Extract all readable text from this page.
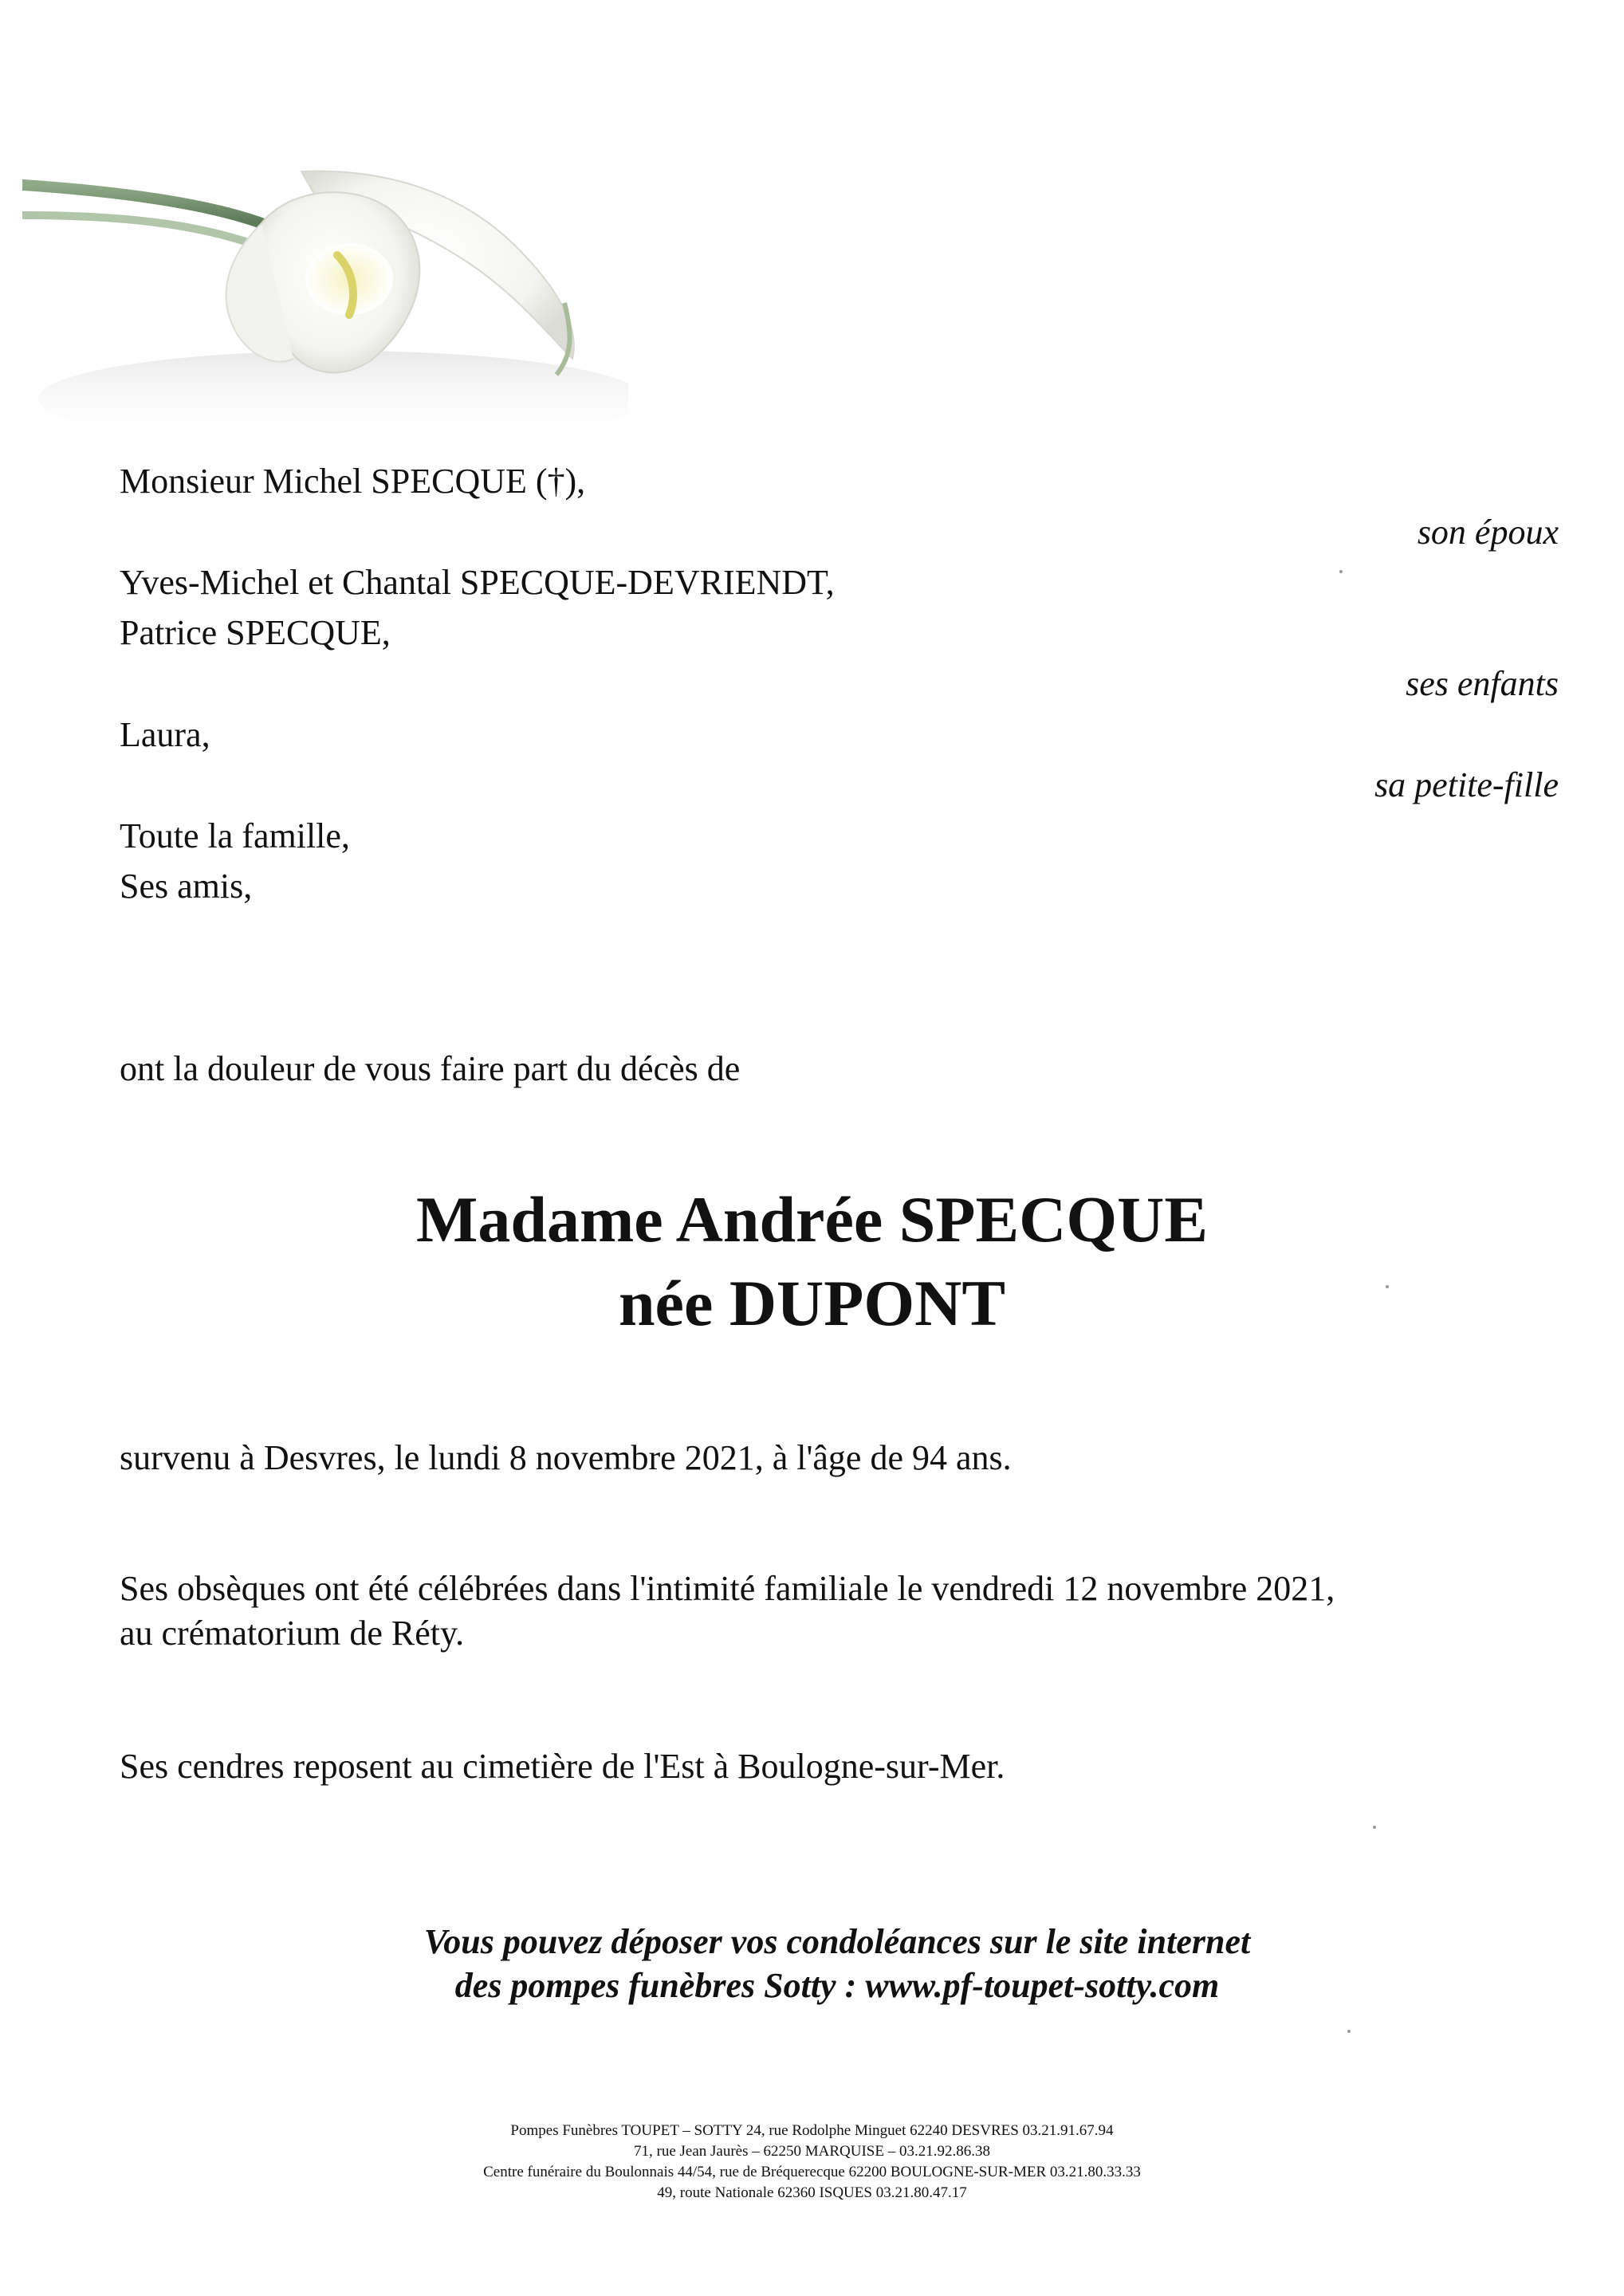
Monsieur Michel SPECQUE (†),

son époux

Yves-Michel et Chantal SPECQUE-DEVRIENDT,

Patrice SPECQUE,

ses enfants

Laura,

sa petite-fille

Toute la famille,

Ses amis,

ont la douleur de vous faire part du décès de

Madame Andrée SPECQUE

née DUPONT

survenu à Desvres, le lundi 8 novembre 2021, à l'âge de 94 ans.

Ses obsèques ont été célébrées dans l'intimité familiale le vendredi 12 novembre 2021,

au crématorium de Réty.

Ses cendres reposent au cimetière de l'Est à Boulogne-sur-Mer.

Vous pouvez déposer vos condoléances sur le site internet

des pompes funèbres Sotty : www.pf-toupet-sotty.com

Pompes Funèbres TOUPET – SOTTY 24, rue Rodolphe Minguet 62240 DESVRES 03.21.91.67.94
71, rue Jean Jaurès – 62250 MARQUISE – 03.21.92.86.38
Centre funéraire du Boulonnais 44/54, rue de Bréquerecque 62200 BOULOGNE-SUR-MER 03.21.80.33.33
49, route Nationale 62360 ISQUES 03.21.80.47.17
